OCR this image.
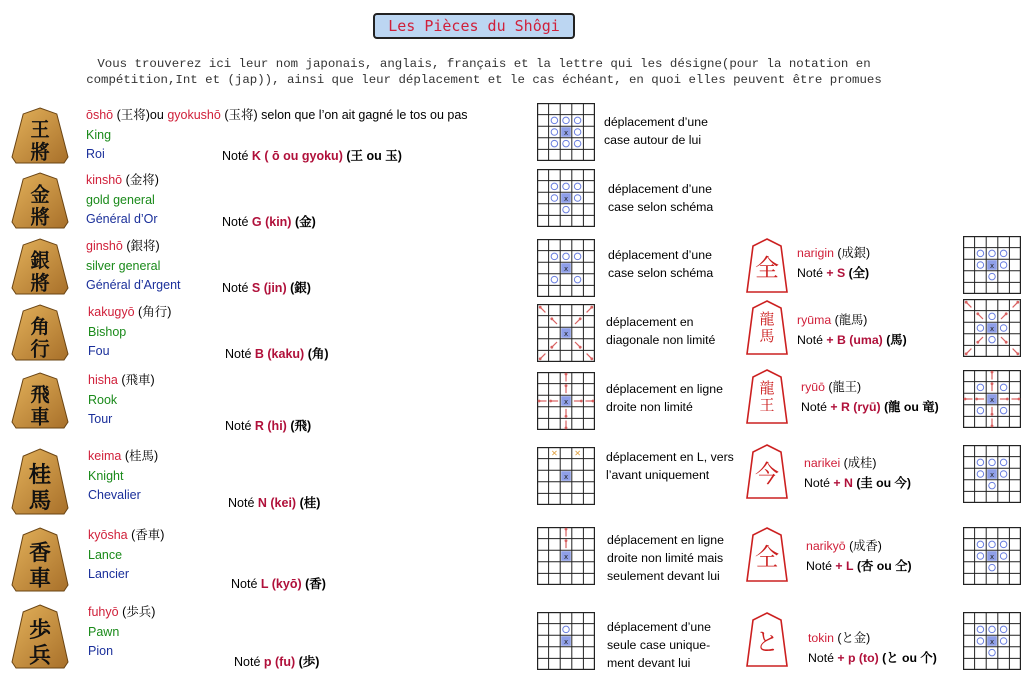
Les Pièces du Shôgi
Vous trouverez ici leur nom japonais, anglais, français et la lettre qui les désigne(pour la notation en
compétition,Int et (jap)), ainsi que leur déplacement et le cas échéant, en quoi elles peuvent être promues
王
將
ōshō (王将)ou gyokushō (玉将) selon que l’on ait gagné le tos ou pas
King
Roi	Noté K ( ō ou gyoku) (王 ou 玉)
x
déplacement d’une
case autour de lui
金
將
kinshō (金将)
gold general
Général d’Or	Noté G (kin) (金)
x
déplacement d’une
case selon schéma
銀
將
ginshō (銀将)
silver general
Général d’Argent	Noté S (jin) (銀)
x
déplacement d’une
case selon schéma 全
narigin (成銀)
Noté + S (全)	x
角
行
kakugyō (角行)
Bishop
Fou	Noté B (kaku) (角)
x
déplacement en
diagonale non limité
龍
馬
ryūma (龍馬)
Noté + B (uma) (馬)
x
飛
車
hisha (飛車)
Rook
Tour	Noté R (hi) (飛)
x
déplacement en ligne
droite non limité
龍
王
ryūō (龍王)
Noté + R (ryū) (龍 ou 竜)	x
桂
馬
keima (桂馬)
Knight
Chevalier
Noté N (kei) (桂)
x
✕ ✕ déplacement en L, vers
l’avant uniquement	今 narikei (成桂)
Noté + N (圭 ou 今)
x
香
車
kyōsha (香車)
Lance
Lancier
Noté L (kyō) (香)
x
déplacement en ligne
droite non limité mais
seulement devant lui
仝 narikyō (成香)
Noté + L (杏 ou 仝)
x
歩
兵
fuhyō (歩兵)
Pawn
Pion
Noté p (fu) (歩)
x
déplacement d’une
seule case unique-
ment devant lui
と tokin (と金)
Noté + p (to) (と ou 个)
x
